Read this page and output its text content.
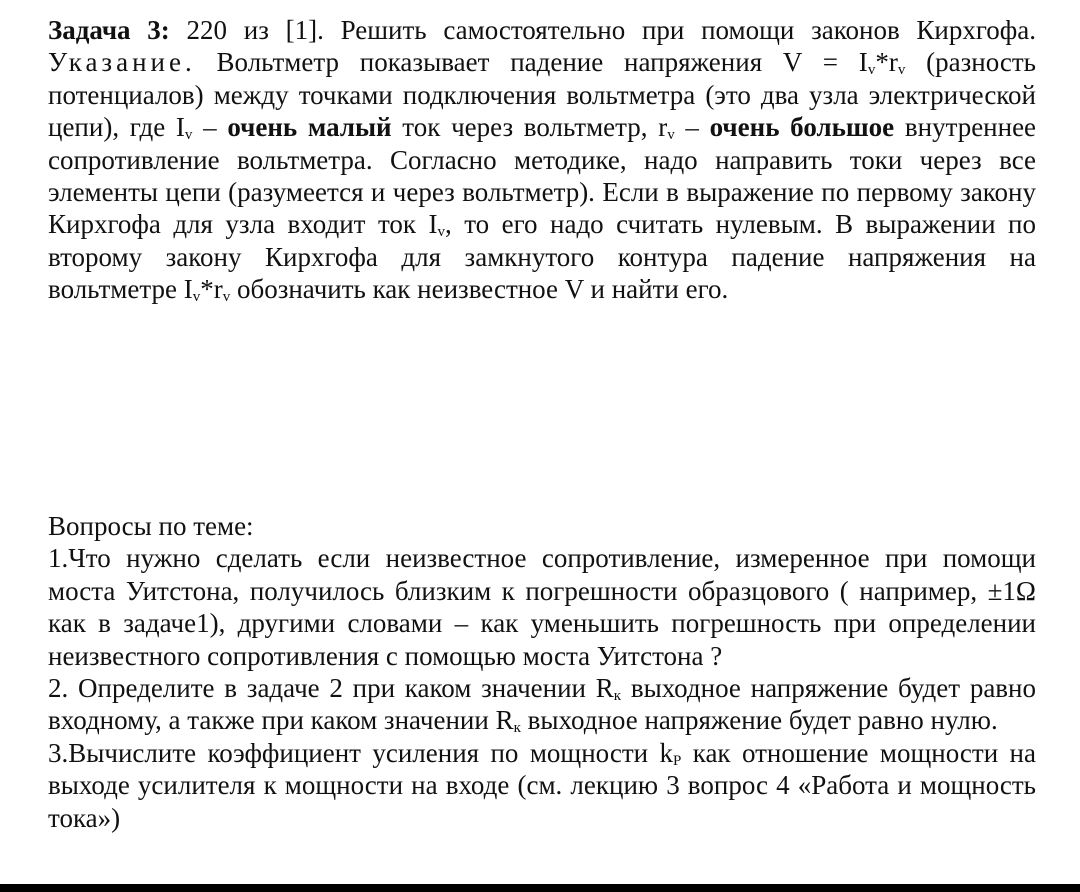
Задача 3: 220 из [1]. Решить самостоятельно при помощи законов Кирхгофа. Указание. Вольтметр показывает падение напряжения $V = I_v*r_v$ (разность потенциалов) между точками подключения вольтметра (это два узла электрической цепи), где $I_v$ – очень малый ток через вольтметр, $r_v$ – очень большое внутреннее сопротивление вольтметра. Согласно методике, надо направить токи через все элементы цепи (разумеется и через вольтметр). Если в выражение по первому закону Кирхгофа для узла входит ток $I_v$, то его надо считать нулевым. В выражении по второму закону Кирхгофа для замкнутого контура падение напряжения на вольтметре $I_v*r_v$ обозначить как неизвестное V и найти его.

Вопросы по теме:

1.Что нужно сделать если неизвестное сопротивление, измеренное при помощи моста Уитстона, получилось близким к погрешности образцового ( например, ±1Ω как в задаче1), другими словами – как уменьшить погрешность при определении неизвестного сопротивления с помощью моста Уитстона ?

2. Определите в задаче 2 при каком значении $R_к$ выходное напряжение будет равно входному, а также при каком значении $R_к$ выходное напряжение будет равно нулю.

3.Вычислите коэффициент усиления по мощности $k_P$ как отношение мощности на выходе усилителя к мощности на входе (см. лекцию 3 вопрос 4 «Работа и мощность тока»)
